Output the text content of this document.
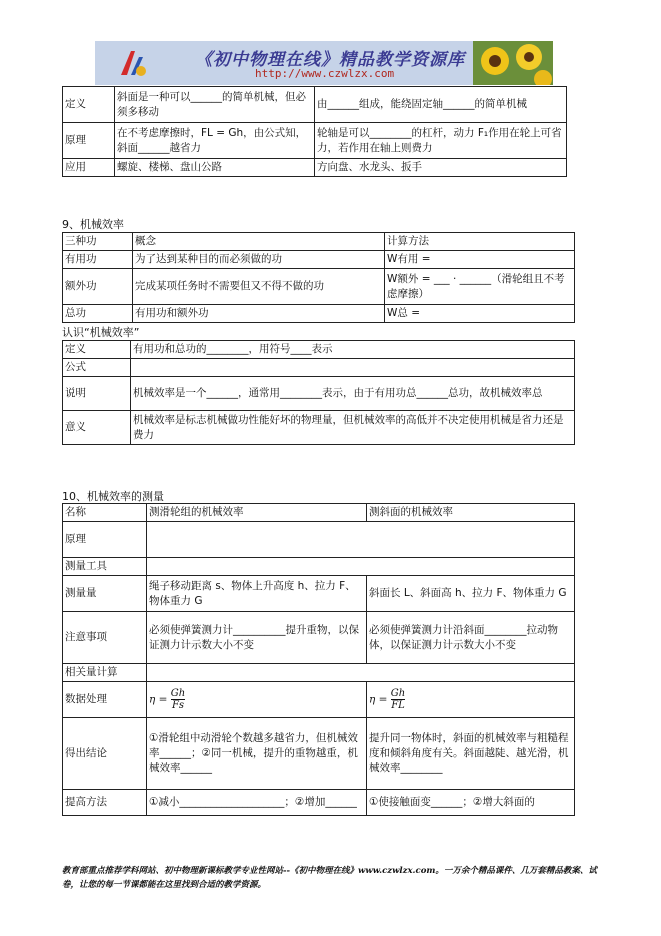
《初中物理在线》精品教学资源库
http://www.czwlzx.com
定义	斜面是一种可以______的简单机械，但必须多移动	由______组成，能绕固定轴______的简单机械
原理	在不考虑摩擦时，FL = Gh，由公式知，斜面______越省力	轮轴是可以________的杠杆，动力 F₁作用在轮上可省力，若作用在轴上则费力
应用	螺旋、楼梯、盘山公路	方向盘、水龙头、扳手
9、机械效率
三种功	概念	计算方法
有用功	为了达到某种目的而必须做的功	W有用 =
额外功	完成某项任务时不需要但又不得不做的功	W额外 = ___ · ______（滑轮组且不考虑摩擦）
总功	有用功和额外功	W总 =
认识“机械效率”
定义	有用功和总功的________，用符号____表示
公式	
说明	机械效率是一个______，通常用________表示，由于有用功总______总功，故机械效率总
意义	机械效率是标志机械做功性能好坏的物理量，但机械效率的高低并不决定使用机械是省力还是费力
10、机械效率的测量
名称	测滑轮组的机械效率	测斜面的机械效率
原理		
测量工具		
测量量	绳子移动距离 s、物体上升高度 h、拉力 F、物体重力 G	斜面长 L、斜面高 h、拉力 F、物体重力 G
注意事项	必须使弹簧测力计__________提升重物，以保证测力计示数大小不变	必须使弹簧测力计沿斜面________拉动物体，以保证测力计示数大小不变
相关量计算		
数据处理	$\eta = \frac{Gh}{Fs}$	$\eta = \frac{Gh}{FL}$

得出结论	①滑轮组中动滑轮个数越多越省力，但机械效率______；②同一机械，提升的重物越重，机械效率______	提升同一物体时，斜面的机械效率与粗糙程度和倾斜角度有关。斜面越陡、越光滑，机械效率________
提高方法	①减小____________________；②增加______	①使接触面变______；②增大斜面的
教育部重点推荐学科网站、初中物理新课标教学专业性网站--《初中物理在线》www.czwlzx.com。一万余个精品课件、几万套精品教案、试卷，让您的每一节课都能在这里找到合适的教学资源。
